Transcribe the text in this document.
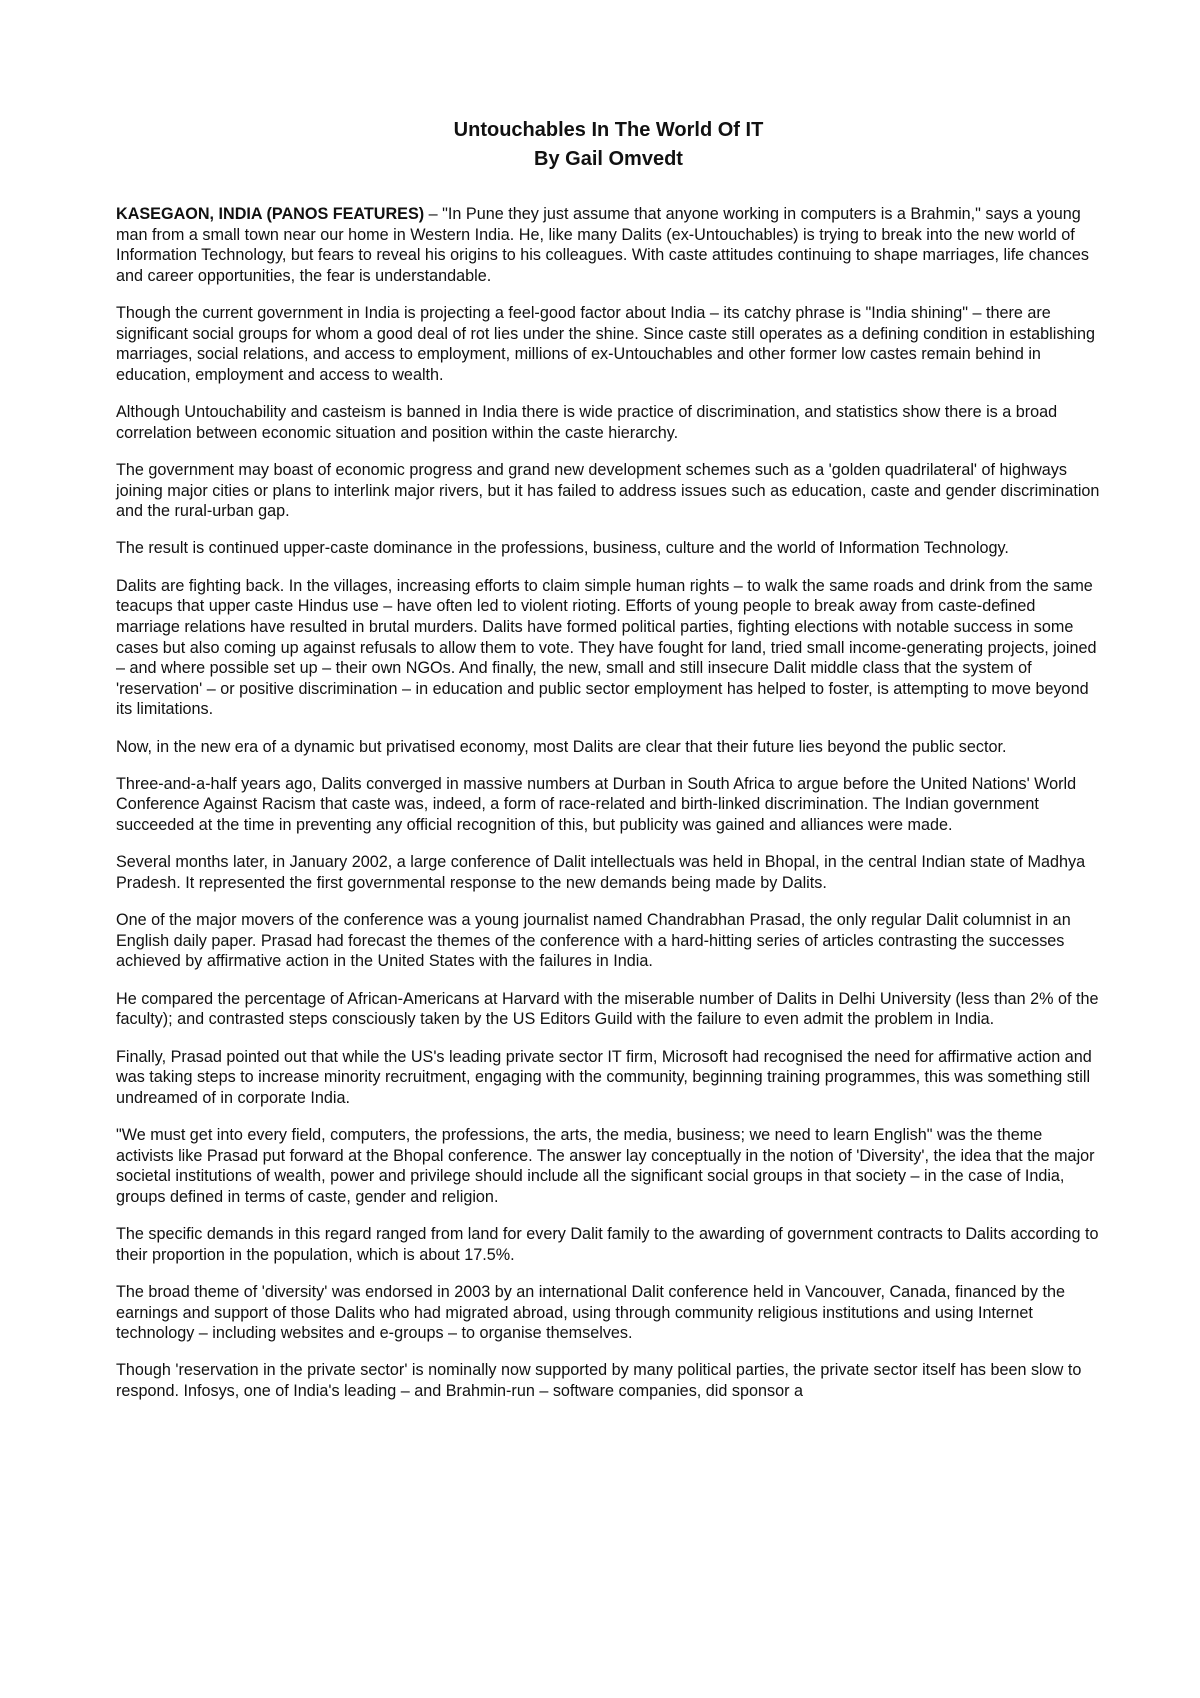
Untouchables In The World Of IT
By Gail Omvedt

KASEGAON, INDIA (PANOS FEATURES) – "In Pune they just assume that anyone working in computers is a Brahmin," says a young man from a small town near our home in Western India. He, like many Dalits (ex-Untouchables) is trying to break into the new world of Information Technology, but fears to reveal his origins to his colleagues. With caste attitudes continuing to shape marriages, life chances and career opportunities, the fear is understandable.

Though the current government in India is projecting a feel-good factor about India – its catchy phrase is "India shining" – there are significant social groups for whom a good deal of rot lies under the shine. Since caste still operates as a defining condition in establishing marriages, social relations, and access to employment, millions of ex-Untouchables and other former low castes remain behind in education, employment and access to wealth.

Although Untouchability and casteism is banned in India there is wide practice of discrimination, and statistics show there is a broad correlation between economic situation and position within the caste hierarchy.

The government may boast of economic progress and grand new development schemes such as a 'golden quadrilateral' of highways joining major cities or plans to interlink major rivers, but it has failed to address issues such as education, caste and gender discrimination and the rural-urban gap.

The result is continued upper-caste dominance in the professions, business, culture and the world of Information Technology.

Dalits are fighting back. In the villages, increasing efforts to claim simple human rights – to walk the same roads and drink from the same teacups that upper caste Hindus use – have often led to violent rioting. Efforts of young people to break away from caste-defined marriage relations have resulted in brutal murders. Dalits have formed political parties, fighting elections with notable success in some cases but also coming up against refusals to allow them to vote. They have fought for land, tried small income-generating projects, joined – and where possible set up – their own NGOs. And finally, the new, small and still insecure Dalit middle class that the system of 'reservation' – or positive discrimination – in education and public sector employment has helped to foster, is attempting to move beyond its limitations.

Now, in the new era of a dynamic but privatised economy, most Dalits are clear that their future lies beyond the public sector.

Three-and-a-half years ago, Dalits converged in massive numbers at Durban in South Africa to argue before the United Nations' World Conference Against Racism that caste was, indeed, a form of race-related and birth-linked discrimination. The Indian government succeeded at the time in preventing any official recognition of this, but publicity was gained and alliances were made.

Several months later, in January 2002, a large conference of Dalit intellectuals was held in Bhopal, in the central Indian state of Madhya Pradesh. It represented the first governmental response to the new demands being made by Dalits.

One of the major movers of the conference was a young journalist named Chandrabhan Prasad, the only regular Dalit columnist in an English daily paper. Prasad had forecast the themes of the conference with a hard-hitting series of articles contrasting the successes achieved by affirmative action in the United States with the failures in India.

He compared the percentage of African-Americans at Harvard with the miserable number of Dalits in Delhi University (less than 2% of the faculty); and contrasted steps consciously taken by the US Editors Guild with the failure to even admit the problem in India.

Finally, Prasad pointed out that while the US's leading private sector IT firm, Microsoft had recognised the need for affirmative action and was taking steps to increase minority recruitment, engaging with the community, beginning training programmes, this was something still undreamed of in corporate India.

"We must get into every field, computers, the professions, the arts, the media, business; we need to learn English" was the theme activists like Prasad put forward at the Bhopal conference. The answer lay conceptually in the notion of 'Diversity', the idea that the major societal institutions of wealth, power and privilege should include all the significant social groups in that society – in the case of India, groups defined in terms of caste, gender and religion.

The specific demands in this regard ranged from land for every Dalit family to the awarding of government contracts to Dalits according to their proportion in the population, which is about 17.5%.

The broad theme of 'diversity' was endorsed in 2003 by an international Dalit conference held in Vancouver, Canada, financed by the earnings and support of those Dalits who had migrated abroad, using through community religious institutions and using Internet technology – including websites and e-groups – to organise themselves.

Though 'reservation in the private sector' is nominally now supported by many political parties, the private sector itself has been slow to respond. Infosys, one of India's leading – and Brahmin-run – software companies, did sponsor a
